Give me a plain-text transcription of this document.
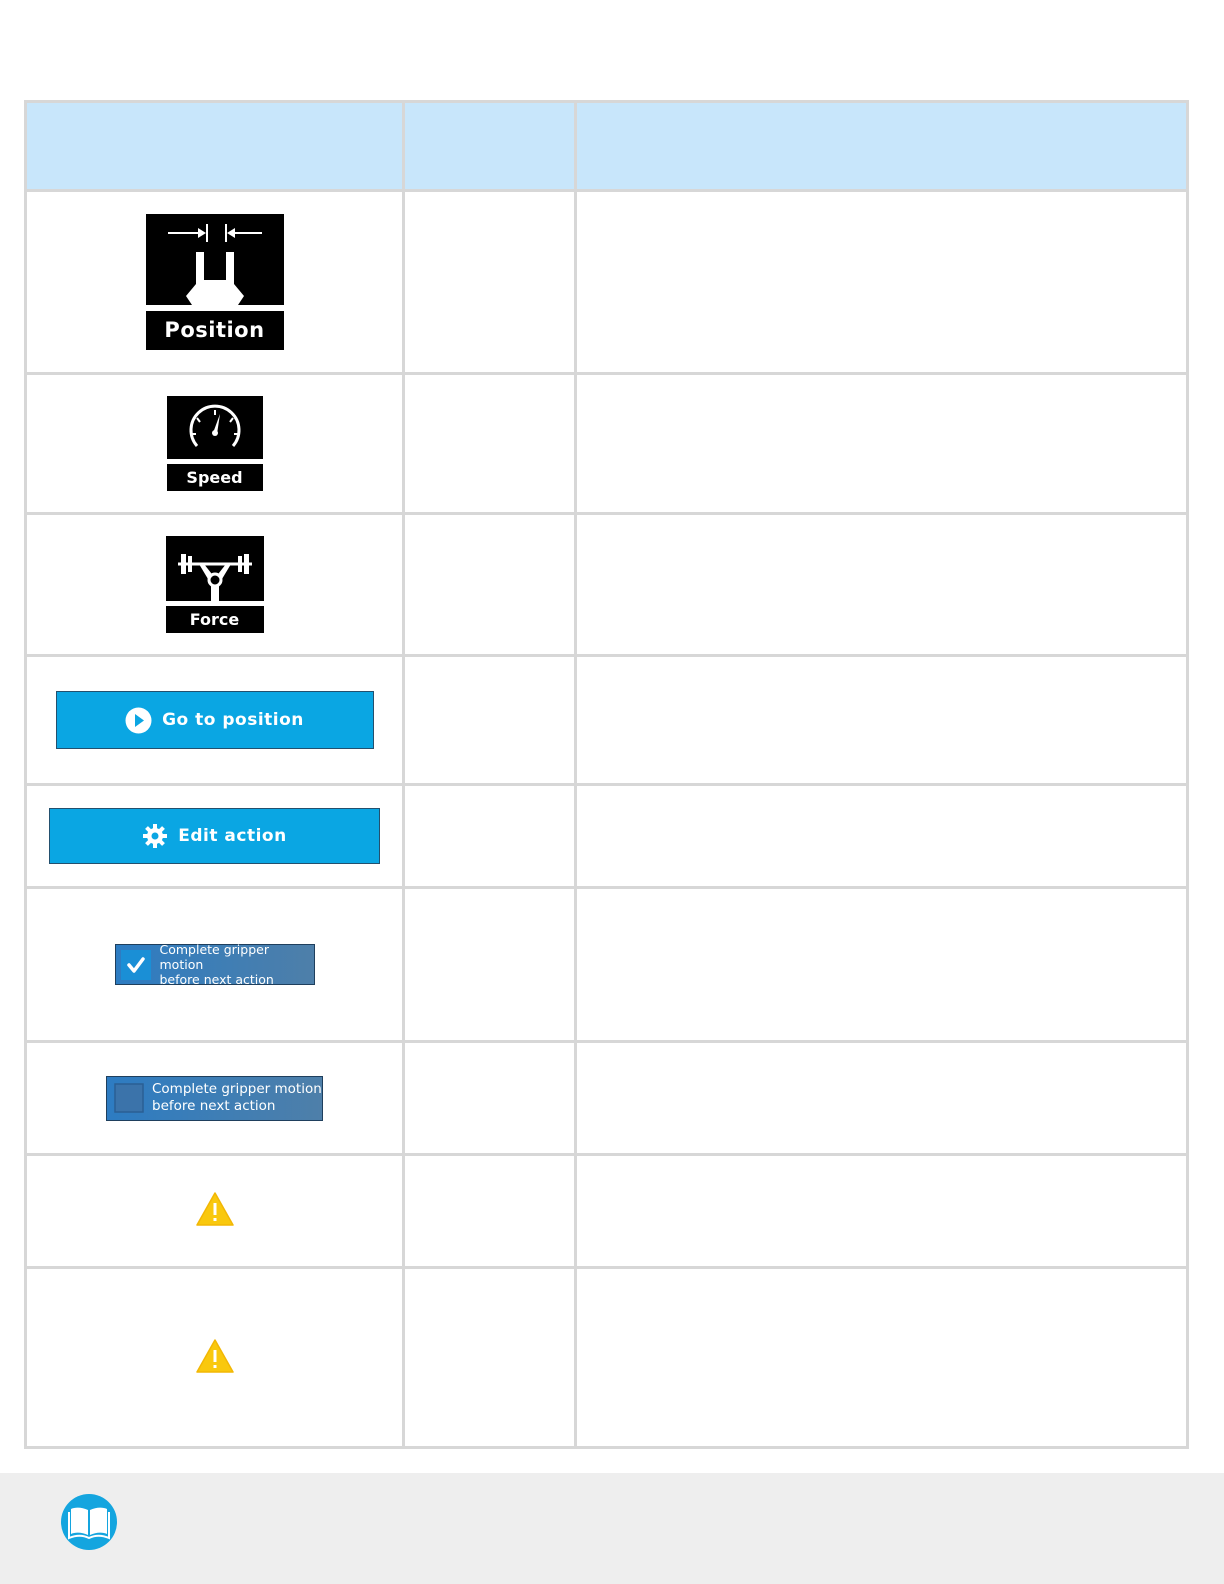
Position		

Speed		

Force		

Go to position		

Edit action		

Complete gripper motion
before next action		

Complete gripper motion
before next action		
